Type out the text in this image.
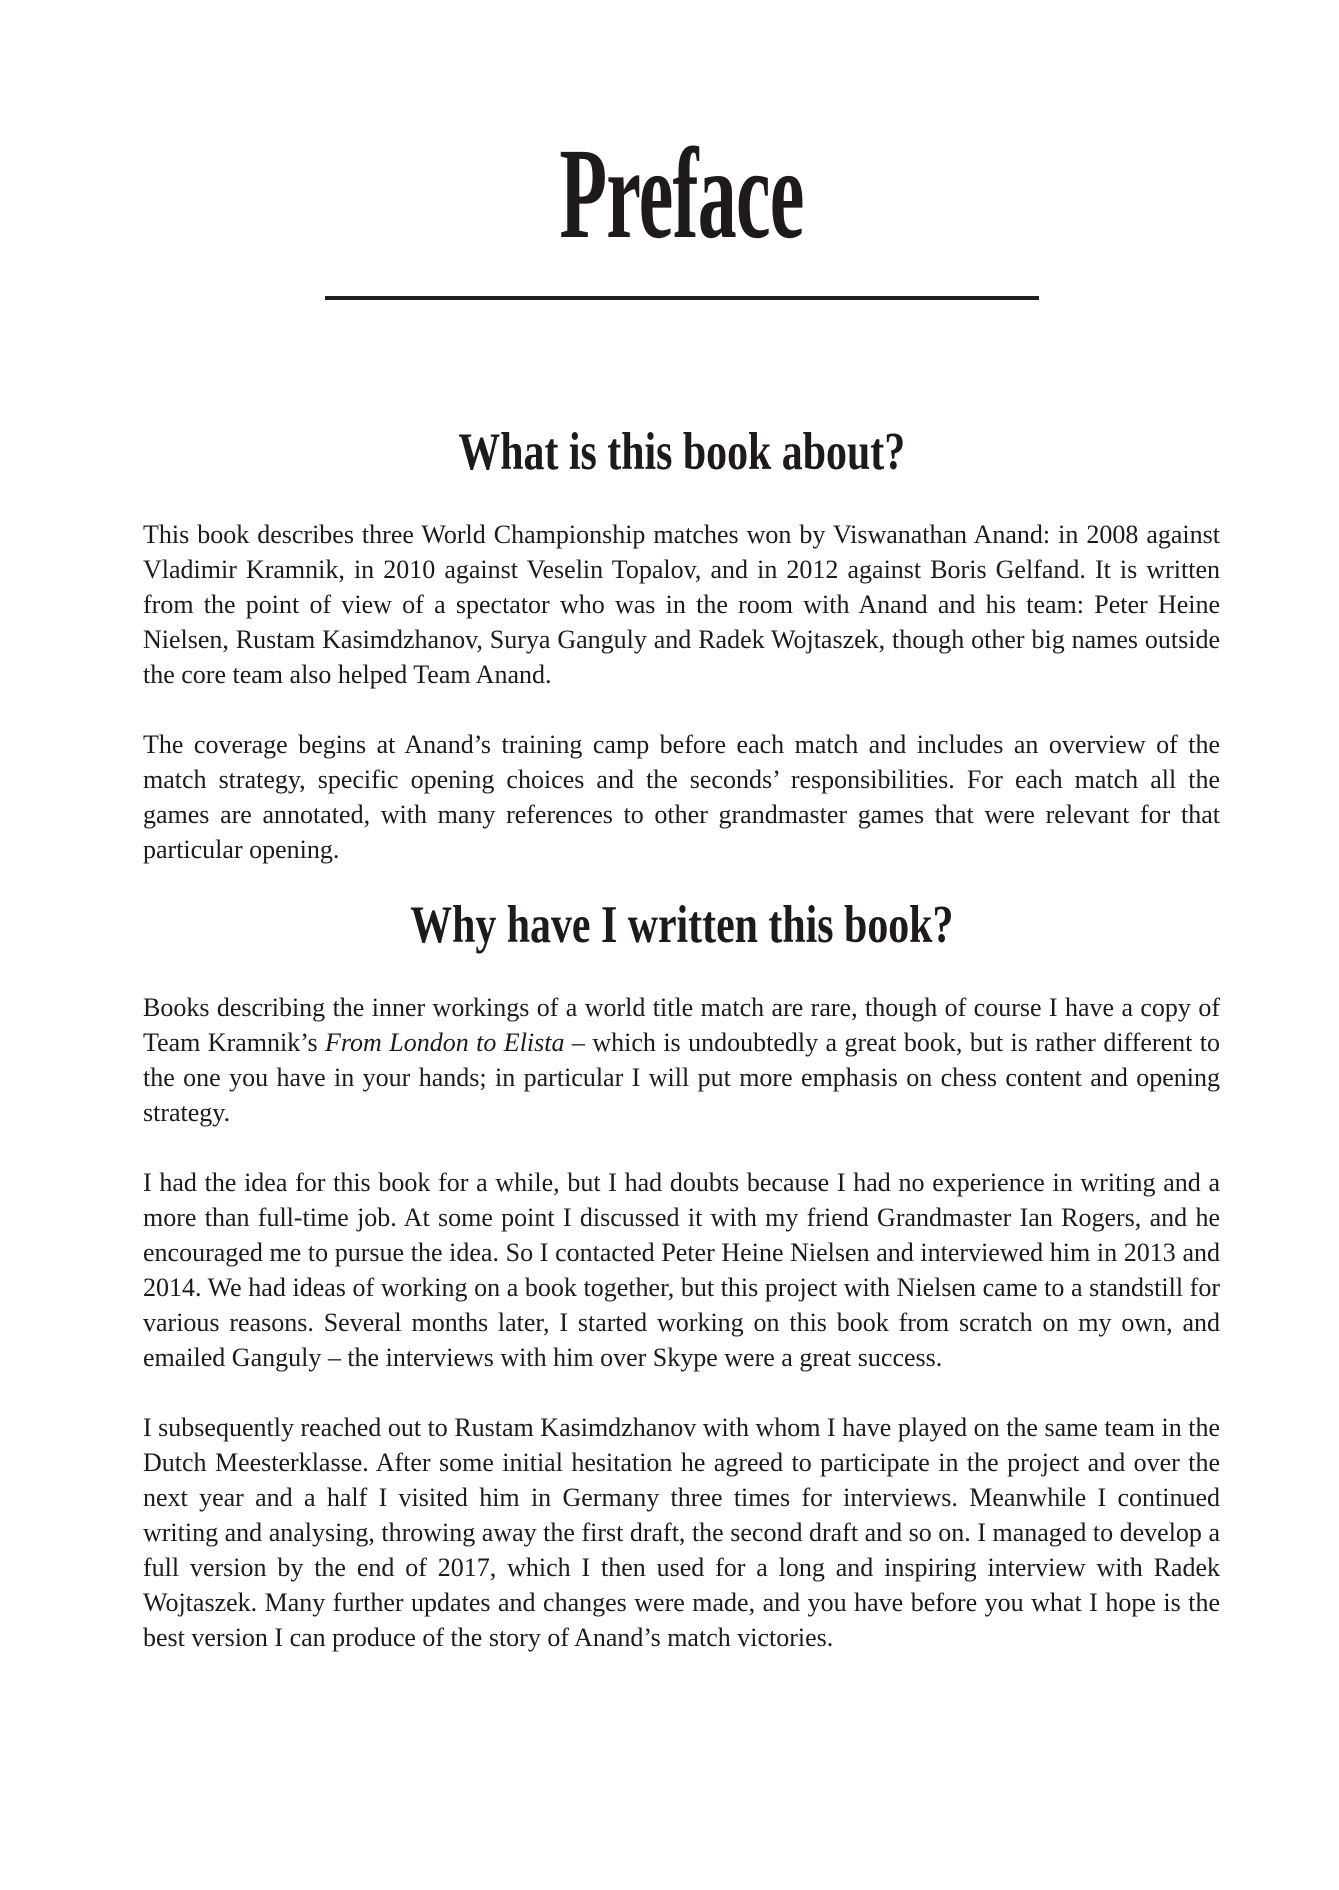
Preface
What is this book about?

This book describes three World Championship matches won by Viswanathan Anand: in 2008 against Vladimir Kramnik, in 2010 against Veselin Topalov, and in 2012 against Boris Gelfand. It is written from the point of view of a spectator who was in the room with Anand and his team: Peter Heine Nielsen, Rustam Kasimdzhanov, Surya Ganguly and Radek Wojtaszek, though other big names outside the core team also helped Team Anand.

The coverage begins at Anand’s training camp before each match and includes an overview of the match strategy, specific opening choices and the seconds’ responsibilities. For each match all the games are annotated, with many references to other grandmaster games that were relevant for that particular opening.

Why have I written this book?

Books describing the inner workings of a world title match are rare, though of course I have a copy of Team Kramnik’s From London to Elista – which is undoubtedly a great book, but is rather different to the one you have in your hands; in particular I will put more emphasis on chess content and opening strategy.

I had the idea for this book for a while, but I had doubts because I had no experience in writing and a more than full-time job. At some point I discussed it with my friend Grandmaster Ian Rogers, and he encouraged me to pursue the idea. So I contacted Peter Heine Nielsen and interviewed him in 2013 and 2014. We had ideas of working on a book together, but this project with Nielsen came to a standstill for various reasons. Several months later, I started working on this book from scratch on my own, and emailed Ganguly – the interviews with him over Skype were a great success.

I subsequently reached out to Rustam Kasimdzhanov with whom I have played on the same team in the Dutch Meesterklasse. After some initial hesitation he agreed to participate in the project and over the next year and a half I visited him in Germany three times for interviews. Meanwhile I continued writing and analysing, throwing away the first draft, the second draft and so on. I managed to develop a full version by the end of 2017, which I then used for a long and inspiring interview with Radek Wojtaszek. Many further updates and changes were made, and you have before you what I hope is the best version I can produce of the story of Anand’s match victories.
